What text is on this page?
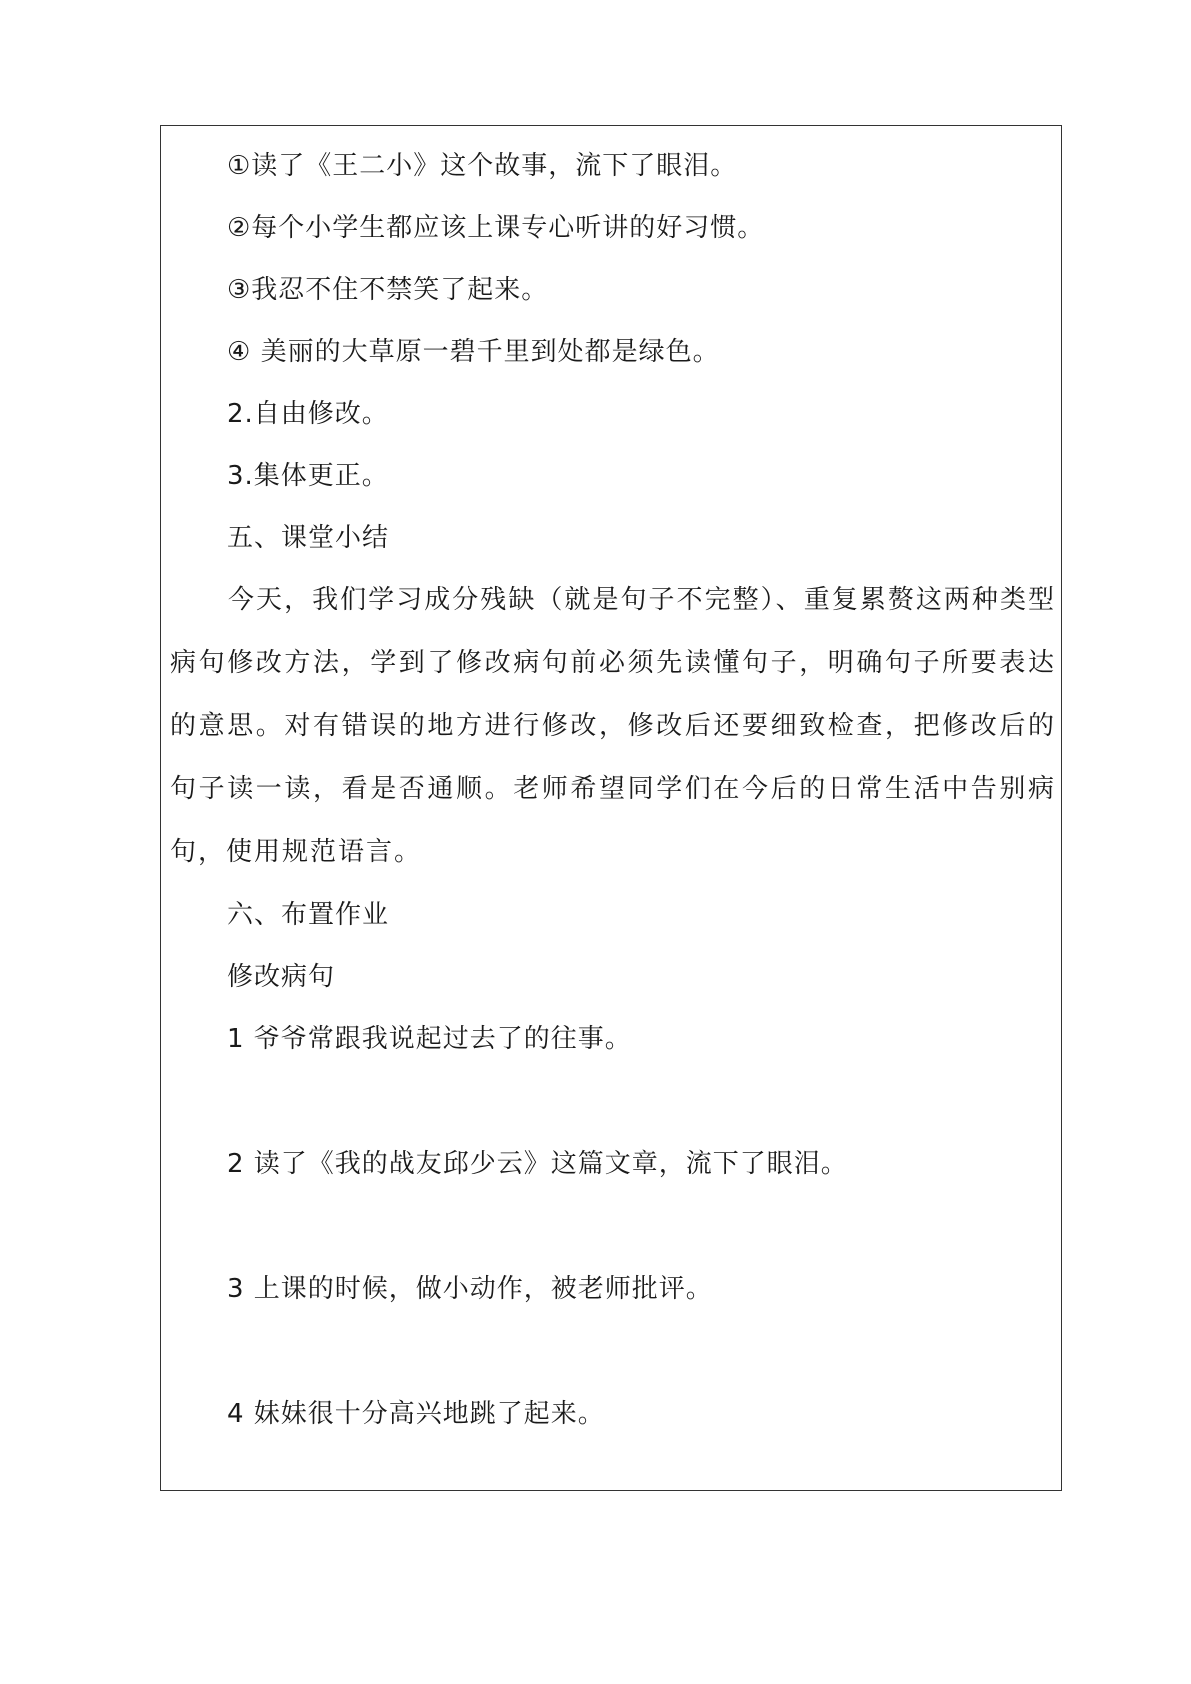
①读了《王二小》这个故事，流下了眼泪。
②每个小学生都应该上课专心听讲的好习惯。
③我忍不住不禁笑了起来。
④ 美丽的大草原一碧千里到处都是绿色。
2.自由修改。
3.集体更正。
五、课堂小结

今天，我们学习成分残缺（就是句子不完整）、重复累赘这两种类型病句修改方法，学到了修改病句前必须先读懂句子，明确句子所要表达的意思。对有错误的地方进行修改，修改后还要细致检查，把修改后的句子读一读，看是否通顺。老师希望同学们在今后的日常生活中告别病句，使用规范语言。

六、布置作业
修改病句
1 爷爷常跟我说起过去了的往事。
2 读了《我的战友邱少云》这篇文章，流下了眼泪。
3 上课的时候，做小动作，被老师批评。
4 妹妹很十分高兴地跳了起来。
